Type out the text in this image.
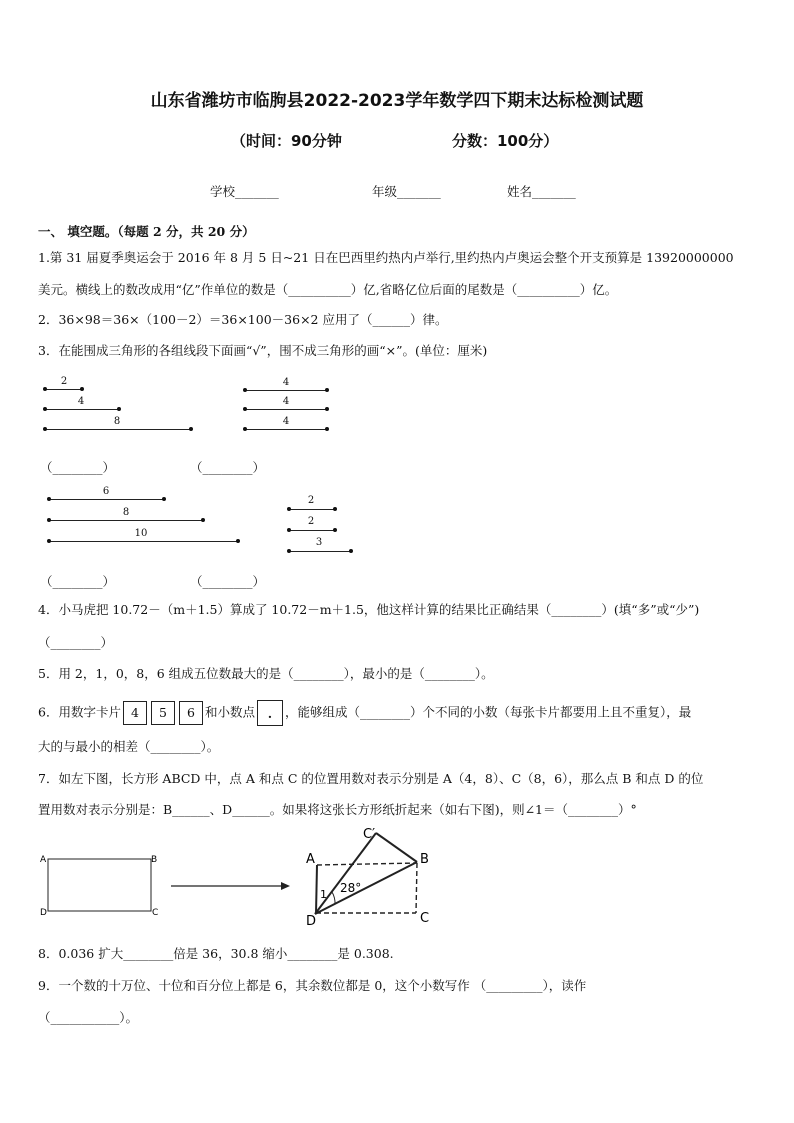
山东省潍坊市临朐县2022-2023学年数学四下期末达标检测试题
（时间：90分钟	分数：100分）
学校_______	年级_______	姓名_______
一、 填空题。（每题 2 分，共 20 分）
1.第 31 届夏季奥运会于 2016 年 8 月 5 日~21 日在巴西里约热内卢举行,里约热内卢奥运会整个开支预算是 13920000000
美元。横线上的数改成用“亿”作单位的数是（__________）亿,省略亿位后面的尾数是（__________）亿。
2．36×98＝36×（100－2）＝36×100－36×2 应用了（______）律。
3．在能围成三角形的各组线段下面画“√”，围不成三角形的画“×”。(单位：厘米)
2
4
8
4
4
4
（________）	（________）
6
8
10
2
2
3
（________）	（________）
4．小马虎把 10.72－（m＋1.5）算成了 10.72－m＋1.5，他这样计算的结果比正确结果（________）(填“多”或“少”)
（________）
5．用 2，1，0，8，6 组成五位数最大的是（________），最小的是（________）。
6．用数字卡片 4 5 6 和小数点 . ，能够组成（________）个不同的小数（每张卡片都要用上且不重复），最
大的与最小的相差（________）。
7．如左下图，长方形 ABCD 中，点 A 和点 C 的位置用数对表示分别是 A（4，8）、C（8，6），那么点 B 和点 D 的位
置用数对表示分别是：B______、D______。如果将这张长方形纸折起来（如右下图)，则∠1＝（________）°
A	B
C
D
A	B
C
D
C′
1 28°
8．0.036 扩大________倍是 36，30.8 缩小________是 0.308.
9．一个数的十万位、十位和百分位上都是 6，其余数位都是 0，这个小数写作 （_________），读作
（___________）。
